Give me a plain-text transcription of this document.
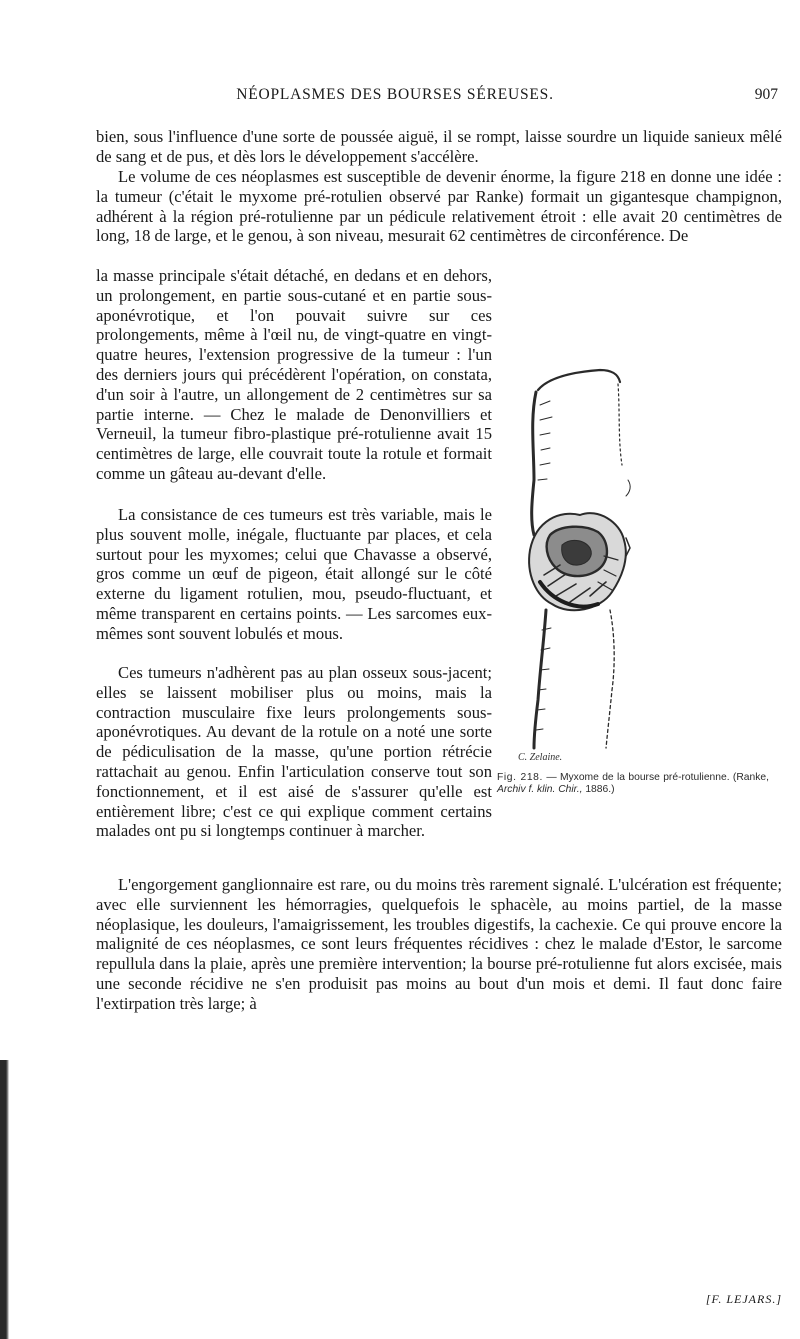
NÉOPLASMES DES BOURSES SÉREUSES.	907

bien, sous l'influence d'une sorte de poussée aiguë, il se rompt, laisse sourdre un liquide sanieux mêlé de sang et de pus, et dès lors le développement s'accélère.

Le volume de ces néoplasmes est susceptible de devenir énorme, la figure 218 en donne une idée : la tumeur (c'était le myxome pré-rotulien observé par Ranke) formait un gigantesque champignon, adhérent à la région pré-rotulienne par un pédicule relativement étroit : elle avait 20 centimètres de long, 18 de large, et le genou, à son niveau, mesurait 62 centimètres de circonférence. De

la masse principale s'était détaché, en dedans et en dehors, un prolongement, en partie sous-cutané et en partie sous-aponévrotique, et l'on pouvait suivre sur ces prolongements, même à l'œil nu, de vingt-quatre en vingt-quatre heures, l'extension progressive de la tumeur : l'un des derniers jours qui précédèrent l'opération, on constata, d'un soir à l'autre, un allongement de 2 centimètres sur sa partie interne. — Chez le malade de Denonvilliers et Verneuil, la tumeur fibro-plastique pré-rotulienne avait 15 centimètres de large, elle couvrait toute la rotule et formait comme un gâteau au-devant d'elle.

La consistance de ces tumeurs est très variable, mais le plus souvent molle, inégale, fluctuante par places, et cela surtout pour les myxomes; celui que Chavasse a observé, gros comme un œuf de pigeon, était allongé sur le côté externe du ligament rotulien, mou, pseudo-fluctuant, et même transparent en certains points. — Les sarcomes eux-mêmes sont souvent lobulés et mous.

Ces tumeurs n'adhèrent pas au plan osseux sous-jacent; elles se laissent mobiliser plus ou moins, mais la contraction musculaire fixe leurs prolongements sous-aponévrotiques. Au devant de la rotule on a noté une sorte de pédiculisation de la masse, qu'une portion rétrécie rattachait au genou. Enfin l'articulation conserve tout son fonctionnement, et il est aisé de s'assurer qu'elle est entièrement libre; c'est ce qui explique comment certains malades ont pu si longtemps continuer à marcher.

L'engorgement ganglionnaire est rare, ou du moins très rarement signalé. L'ulcération est fréquente; avec elle surviennent les hémorragies, quelquefois le sphacèle, au moins partiel, de la masse néoplasique, les douleurs, l'amaigrissement, les troubles digestifs, la cachexie. Ce qui prouve encore la malignité de ces néoplasmes, ce sont leurs fréquentes récidives : chez le malade d'Estor, le sarcome repullula dans la plaie, après une première intervention; la bourse pré-rotulienne fut alors excisée, mais une seconde récidive ne s'en produisit pas moins au bout d'un mois et demi. Il faut donc faire l'extirpation très large; à

C. Zelaine.
Fig. 218. — Myxome de la bourse pré-rotulienne. (Ranke, Archiv f. klin. Chir., 1886.)
[F. LEJARS.]
